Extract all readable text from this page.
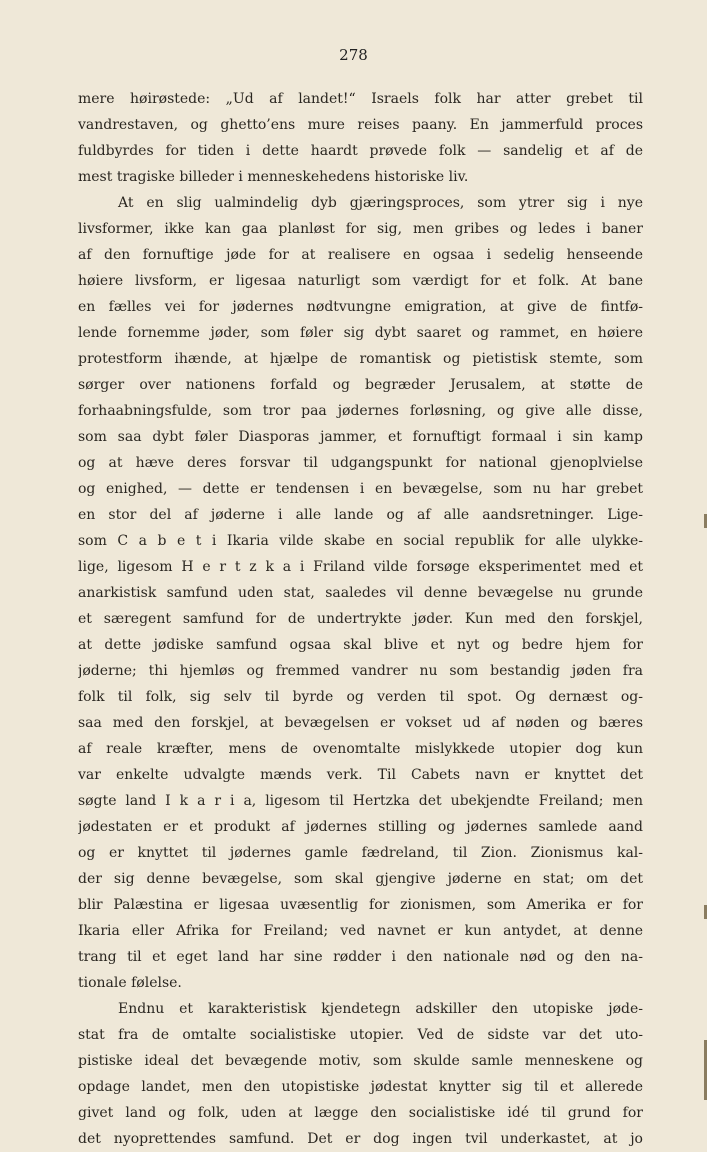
278
mere høirøstede: „Ud af landet!“ Israels folk har atter grebet til
vandrestaven, og ghetto’ens mure reises paany. En jammerfuld proces
fuldbyrdes for tiden i dette haardt prøvede folk — sandelig et af de
mest tragiske billeder i menneskehedens historiske liv.
At en slig ualmindelig dyb gjæringsproces, som ytrer sig i nye
livsformer, ikke kan gaa planløst for sig, men gribes og ledes i baner
af den fornuftige jøde for at realisere en ogsaa i sedelig henseende
høiere livsform, er ligesaa naturligt som værdigt for et folk. At bane
en fælles vei for jødernes nødtvungne emigration, at give de fintfø-
lende fornemme jøder, som føler sig dybt saaret og rammet, en høiere
protestform ihænde, at hjælpe de romantisk og pietistisk stemte, som
sørger over nationens forfald og begræder Jerusalem, at støtte de
forhaabningsfulde, som tror paa jødernes forløsning, og give alle disse,
som saa dybt føler Diasporas jammer, et fornuftigt formaal i sin kamp
og at hæve deres forsvar til udgangspunkt for national gjenoplvielse
og enighed, — dette er tendensen i en bevægelse, som nu har grebet
en stor del af jøderne i alle lande og af alle aandsretninger. Lige-
som C a b e t i Ikaria vilde skabe en social republik for alle ulykke-
lige, ligesom H e r t z k a i Friland vilde forsøge eksperimentet med et
anarkistisk samfund uden stat, saaledes vil denne bevægelse nu grunde
et særegent samfund for de undertrykte jøder. Kun med den forskjel,
at dette jødiske samfund ogsaa skal blive et nyt og bedre hjem for
jøderne; thi hjemløs og fremmed vandrer nu som bestandig jøden fra
folk til folk, sig selv til byrde og verden til spot. Og dernæst og-
saa med den forskjel, at bevægelsen er vokset ud af nøden og bæres
af reale kræfter, mens de ovenomtalte mislykkede utopier dog kun
var enkelte udvalgte mænds verk. Til Cabets navn er knyttet det
søgte land I k a r i a, ligesom til Hertzka det ubekjendte Freiland; men
jødestaten er et produkt af jødernes stilling og jødernes samlede aand
og er knyttet til jødernes gamle fædreland, til Zion. Zionismus kal-
der sig denne bevægelse, som skal gjengive jøderne en stat; om det
blir Palæstina er ligesaa uvæsentlig for zionismen, som Amerika er for
Ikaria eller Afrika for Freiland; ved navnet er kun antydet, at denne
trang til et eget land har sine rødder i den nationale nød og den na-
tionale følelse.
Endnu et karakteristisk kjendetegn adskiller den utopiske jøde-
stat fra de omtalte socialistiske utopier. Ved de sidste var det uto-
pistiske ideal det bevægende motiv, som skulde samle menneskene og
opdage landet, men den utopistiske jødestat knytter sig til et allerede
givet land og folk, uden at lægge den socialistiske idé til grund for
det nyoprettendes samfund. Det er dog ingen tvil underkastet, at jo
